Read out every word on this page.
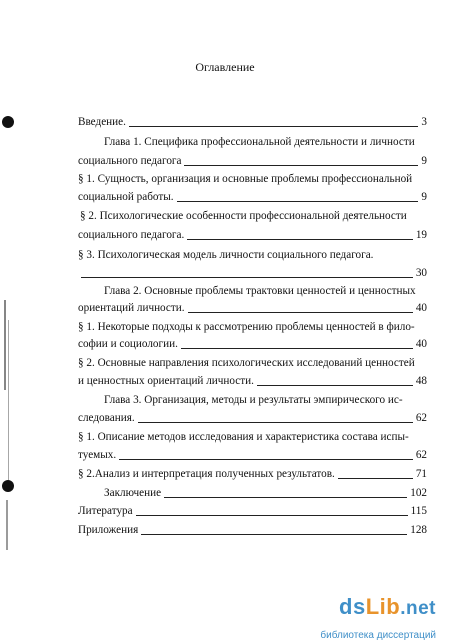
Оглавление
Введение.	3
Глава 1. Специфика профессиональной деятельности и личности
социального педагога	9
§ 1. Сущность, организация и основные проблемы профессиональной
социальной работы.	9
§ 2. Психологические особенности профессиональной деятельности
социального педагога.	19
§ 3. Психологическая модель личности социального педагога.
30
Глава 2. Основные проблемы трактовки ценностей и ценностных
ориентаций личности.	40
§ 1. Некоторые подходы к рассмотрению проблемы ценностей в фило-
софии и социологии.	40
§ 2. Основные направления психологических исследований ценностей
и ценностных ориентаций личности.	48
Глава 3. Организация, методы и результаты эмпирического ис-
следования.	62
§ 1. Описание методов исследования и характеристика состава испы-
туемых.	62
§ 2.Анализ и интерпретация полученных результатов.	71
Заключение	102
Литература	115
Приложения	128
dsLib.net
библиотека диссертаций
